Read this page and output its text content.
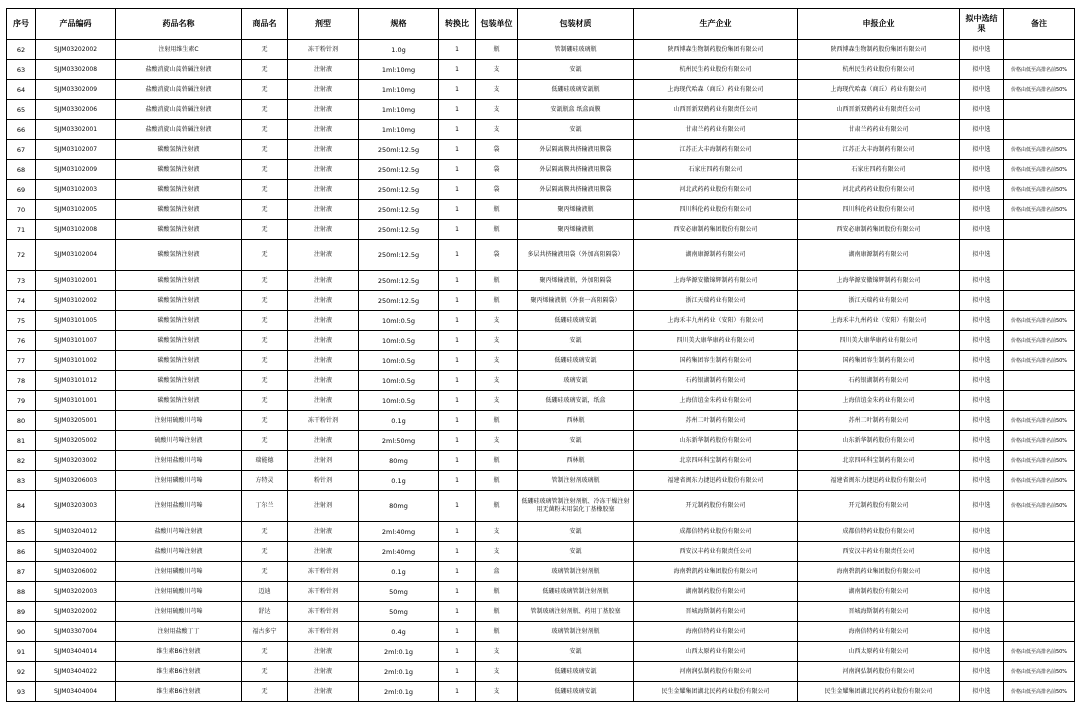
序号	产品编码	药品名称	商品名	剂型	规格	转换比	包装单位	包装材质	生产企业	申报企业	拟中选结果	备注
62	SJJM03202002	注射用维生素C	无	冻干粉针剂	1.0g	1	瓶	管制硼硅玻璃瓶	陕西博森生物制药股份集团有限公司	陕西博森生物制药股份集团有限公司	拟中选	
63	SJJM03302008	盐酸消旋山莨菪碱注射液	无	注射液	1ml:10mg	1	支	安瓿	杭州民生药业股份有限公司	杭州民生药业股份有限公司	拟中选	价格由低至高排名前50%
64	SJJM03302009	盐酸消旋山莨菪碱注射液	无	注射液	1ml:10mg	1	支	低硼硅玻璃安瓿瓶	上海现代哈森（商丘）药业有限公司	上海现代哈森（商丘）药业有限公司	拟中选	价格由低至高排名前50%
65	SJJM03302006	盐酸消旋山莨菪碱注射液	无	注射液	1ml:10mg	1	支	安瓿瓶盒 纸盒面膜	山西晋新双鹤药业有限责任公司	山西晋新双鹤药业有限责任公司	拟中选	
66	SJJM03302001	盐酸消旋山莨菪碱注射液	无	注射液	1ml:10mg	1	支	安瓿	甘肃兰药药业有限公司	甘肃兰药药业有限公司	拟中选	
67	SJJM03102007	碳酸氢钠注射液	无	注射液	250ml:12.5g	1	袋	外层隔离膜共挤输液用膜袋	江苏正大丰海制药有限公司	江苏正大丰海制药有限公司	拟中选	价格由低至高排名前50%
68	SJJM03102009	碳酸氢钠注射液	无	注射液	250ml:12.5g	1	袋	外层隔离膜共挤输液用膜袋	石家庄四药有限公司	石家庄四药有限公司	拟中选	价格由低至高排名前50%
69	SJJM03102003	碳酸氢钠注射液	无	注射液	250ml:12.5g	1	袋	外层隔离膜共挤输液用膜袋	河北武药药业股份有限公司	河北武药药业股份有限公司	拟中选	价格由低至高排名前50%
70	SJJM03102005	碳酸氢钠注射液	无	注射液	250ml:12.5g	1	瓶	聚丙烯输液瓶	四川科伦药业股份有限公司	四川科伦药业股份有限公司	拟中选	价格由低至高排名前50%
71	SJJM03102008	碳酸氢钠注射液	无	注射液	250ml:12.5g	1	瓶	聚丙烯输液瓶	西安必康制药集团股份有限公司	西安必康制药集团股份有限公司	拟中选	
72	SJJM03102004	碳酸氢钠注射液	无	注射液	250ml:12.5g	1	袋	多层共挤输液用袋（外加高阻隔袋）	湖南康源制药有限公司	湖南康源制药有限公司	拟中选	
73	SJJM03102001	碳酸氢钠注射液	无	注射液	250ml:12.5g	1	瓶	聚丙烯输液瓶，外加阻隔袋	上海华源安徽锦辉制药有限公司	上海华源安徽锦辉制药有限公司	拟中选	
74	SJJM03102002	碳酸氢钠注射液	无	注射液	250ml:12.5g	1	瓶	聚丙烯输液瓶（外套一高阻隔袋）	浙江天瑞药业有限公司	浙江天瑞药业有限公司	拟中选	
75	SJJM03101005	碳酸氢钠注射液	无	注射液	10ml:0.5g	1	支	低硼硅玻璃安瓿	上海禾丰九州药业（安阳）有限公司	上海禾丰九州药业（安阳）有限公司	拟中选	价格由低至高排名前50%
76	SJJM03101007	碳酸氢钠注射液	无	注射液	10ml:0.5g	1	支	安瓿	四川美大康华康药业有限公司	四川美大康华康药业有限公司	拟中选	价格由低至高排名前50%
77	SJJM03101002	碳酸氢钠注射液	无	注射液	10ml:0.5g	1	支	低硼硅玻璃安瓿	国药集团容生制药有限公司	国药集团容生制药有限公司	拟中选	价格由低至高排名前50%
78	SJJM03101012	碳酸氢钠注射液	无	注射液	10ml:0.5g	1	支	玻璃安瓿	石药银湖制药有限公司	石药银湖制药有限公司	拟中选	
79	SJJM03101001	碳酸氢钠注射液	无	注射液	10ml:0.5g	1	支	低硼硅玻璃安瓿，纸盒	上海信谊金朱药业有限公司	上海信谊金朱药业有限公司	拟中选	
80	SJJM03205001	注射用硫酸川芎嗪	无	冻干粉针剂	0.1g	1	瓶	西林瓶	苏州二叶制药有限公司	苏州二叶制药有限公司	拟中选	价格由低至高排名前50%
81	SJJM03205002	硫酸川芎嗪注射液	无	注射液	2ml:50mg	1	支	安瓿	山东新华制药股份有限公司	山东新华制药股份有限公司	拟中选	价格由低至高排名前50%
82	SJJM03203002	注射用盐酸川芎嗪	瑞能德	注射剂	80mg	1	瓶	西林瓶	北京四环科宝制药有限公司	北京四环科宝制药有限公司	拟中选	价格由低至高排名前50%
83	SJJM03206003	注射用磷酸川芎嗪	方特灵	粉针剂	0.1g	1	瓶	管制注射剂玻璃瓶	福建省闽东力捷迅药业股份有限公司	福建省闽东力捷迅药业股份有限公司	拟中选	价格由低至高排名前50%
84	SJJM03203003	注射用盐酸川芎嗪	丁尔兰	注射剂	80mg	1	瓶	低硼硅玻璃管制注射剂瓶、冷冻干燥注射用无菌粉末用氯化丁基橡胶塞	开元制药股份有限公司	开元制药股份有限公司	拟中选	价格由低至高排名前50%
85	SJJM03204012	盐酸川芎嗪注射液	无	注射液	2ml:40mg	1	支	安瓿	成都倍特药业股份有限公司	成都倍特药业股份有限公司	拟中选	
86	SJJM03204002	盐酸川芎嗪注射液	无	注射液	2ml:40mg	1	支	安瓿	西安汉丰药业有限责任公司	西安汉丰药业有限责任公司	拟中选	
87	SJJM03206002	注射用磷酸川芎嗪	无	冻干粉针剂	0.1g	1	盒	玻璃管制注射剂瓶	海南碧凯药业集团股份有限公司	海南碧凯药业集团股份有限公司	拟中选	
88	SJJM03202003	注射用硫酸川芎嗪	迈迪	冻干粉针剂	50mg	1	瓶	低硼硅玻璃管制注射剂瓶	湖南制药股份有限公司	湖南制药股份有限公司	拟中选	
89	SJJM03202002	注射用硫酸川芎嗪	舒达	冻干粉针剂	50mg	1	瓶	管制玻璃注射剂瓶、药用丁基胶塞	晋城海斯制药有限公司	晋城海斯制药有限公司	拟中选	
90	SJJM03307004	注射用盐酸丁丁	福古多宁	冻干粉针剂	0.4g	1	瓶	玻璃管制注射剂瓶	海南倍特药业有限公司	海南倍特药业有限公司	拟中选	
91	SJJM03404014	维生素B6注射液	无	注射液	2ml:0.1g	1	支	安瓿	山西太原药业有限公司	山西太原药业有限公司	拟中选	价格由低至高排名前50%
92	SJJM03404022	维生素B6注射液	无	注射液	2ml:0.1g	1	支	低硼硅玻璃安瓿	河南润弘制药股份有限公司	河南润弘制药股份有限公司	拟中选	价格由低至高排名前50%
93	SJJM03404004	维生素B6注射液	无	注射液	2ml:0.1g	1	支	低硼硅玻璃安瓿	民生金耀集团湖北民药药业股份有限公司	民生金耀集团湖北民药药业股份有限公司	拟中选	价格由低至高排名前50%
